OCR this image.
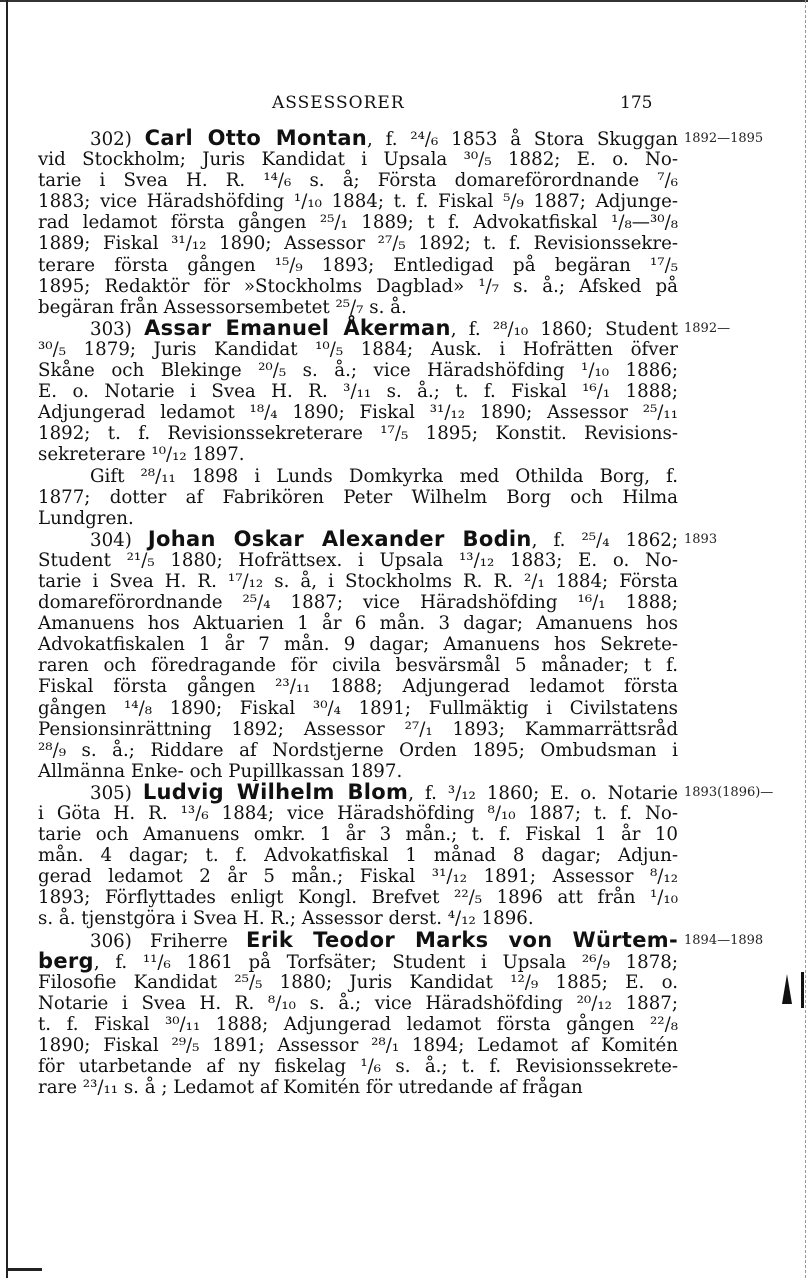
ASSESSORER	175
302) Carl Otto Montan, f. ²⁴/₆ 1853 å Stora Skuggan
vid Stockholm; Juris Kandidat i Upsala ³⁰/₅ 1882; E. o. No-
tarie i Svea H. R. ¹⁴/₆ s. å; Första domareförordnande ⁷/₆
1883; vice Häradshöfding ¹/₁₀ 1884; t. f. Fiskal ⁵/₉ 1887; Adjunge-
rad ledamot första gången ²⁵/₁ 1889; t f. Advokatfiskal ¹/₈—³⁰/₈
1889; Fiskal ³¹/₁₂ 1890; Assessor ²⁷/₅ 1892; t. f. Revisionssekre-
terare första gången ¹⁵/₉ 1893; Entledigad på begäran ¹⁷/₅
1895; Redaktör för »Stockholms Dagblad» ¹/₇ s. å.; Afsked på
begäran från Assessorsembetet ²⁵/₇ s. å.
303) Assar Emanuel Åkerman, f. ²⁸/₁₀ 1860; Student
³⁰/₅ 1879; Juris Kandidat ¹⁰/₅ 1884; Ausk. i Hofrätten öfver
Skåne och Blekinge ²⁰/₅ s. å.; vice Häradshöfding ¹/₁₀ 1886;
E. o. Notarie i Svea H. R. ³/₁₁ s. å.; t. f. Fiskal ¹⁶/₁ 1888;
Adjungerad ledamot ¹⁸/₄ 1890; Fiskal ³¹/₁₂ 1890; Assessor ²⁵/₁₁
1892; t. f. Revisionssekreterare ¹⁷/₅ 1895; Konstit. Revisions-
sekreterare ¹⁰/₁₂ 1897.
Gift ²⁸/₁₁ 1898 i Lunds Domkyrka med Othilda Borg, f.
1877; dotter af Fabrikören Peter Wilhelm Borg och Hilma
Lundgren.
304) Johan Oskar Alexander Bodin, f. ²⁵/₄ 1862;
Student ²¹/₅ 1880; Hofrättsex. i Upsala ¹³/₁₂ 1883; E. o. No-
tarie i Svea H. R. ¹⁷/₁₂ s. å, i Stockholms R. R. ²/₁ 1884; Första
domareförordnande ²⁵/₄ 1887; vice Häradshöfding ¹⁶/₁ 1888;
Amanuens hos Aktuarien 1 år 6 mån. 3 dagar; Amanuens hos
Advokatfiskalen 1 år 7 mån. 9 dagar; Amanuens hos Sekrete-
raren och föredragande för civila besvärsmål 5 månader; t f.
Fiskal första gången ²³/₁₁ 1888; Adjungerad ledamot första
gången ¹⁴/₈ 1890; Fiskal ³⁰/₄ 1891; Fullmäktig i Civilstatens
Pensionsinrättning 1892; Assessor ²⁷/₁ 1893; Kammarrättsråd
²⁸/₉ s. å.; Riddare af Nordstjerne Orden 1895; Ombudsman i
Allmänna Enke- och Pupillkassan 1897.
305) Ludvig Wilhelm Blom, f. ³/₁₂ 1860; E. o. Notarie
i Göta H. R. ¹³/₆ 1884; vice Häradshöfding ⁸/₁₀ 1887; t. f. No-
tarie och Amanuens omkr. 1 år 3 mån.; t. f. Fiskal 1 år 10
mån. 4 dagar; t. f. Advokatfiskal 1 månad 8 dagar; Adjun-
gerad ledamot 2 år 5 mån.; Fiskal ³¹/₁₂ 1891; Assessor ⁸/₁₂
1893; Förflyttades enligt Kongl. Brefvet ²²/₅ 1896 att från ¹/₁₀
s. å. tjenstgöra i Svea H. R.; Assessor derst. ⁴/₁₂ 1896.
306) Friherre Erik Teodor Marks von Würtem-
berg, f. ¹¹/₆ 1861 på Torfsäter; Student i Upsala ²⁶/₉ 1878;
Filosofie Kandidat ²⁵/₅ 1880; Juris Kandidat ¹²/₉ 1885; E. o.
Notarie i Svea H. R. ⁸/₁₀ s. å.; vice Häradshöfding ²⁰/₁₂ 1887;
t. f. Fiskal ³⁰/₁₁ 1888; Adjungerad ledamot första gången ²²/₈
1890; Fiskal ²⁹/₅ 1891; Assessor ²⁸/₁ 1894; Ledamot af Komitén
för utarbetande af ny fiskelag ¹/₆ s. å.; t. f. Revisionssekrete-
rare ²³/₁₁ s. å ; Ledamot af Komitén för utredande af frågan
1892—1895
1892—
1893
1893(1896)—
1894—1898
